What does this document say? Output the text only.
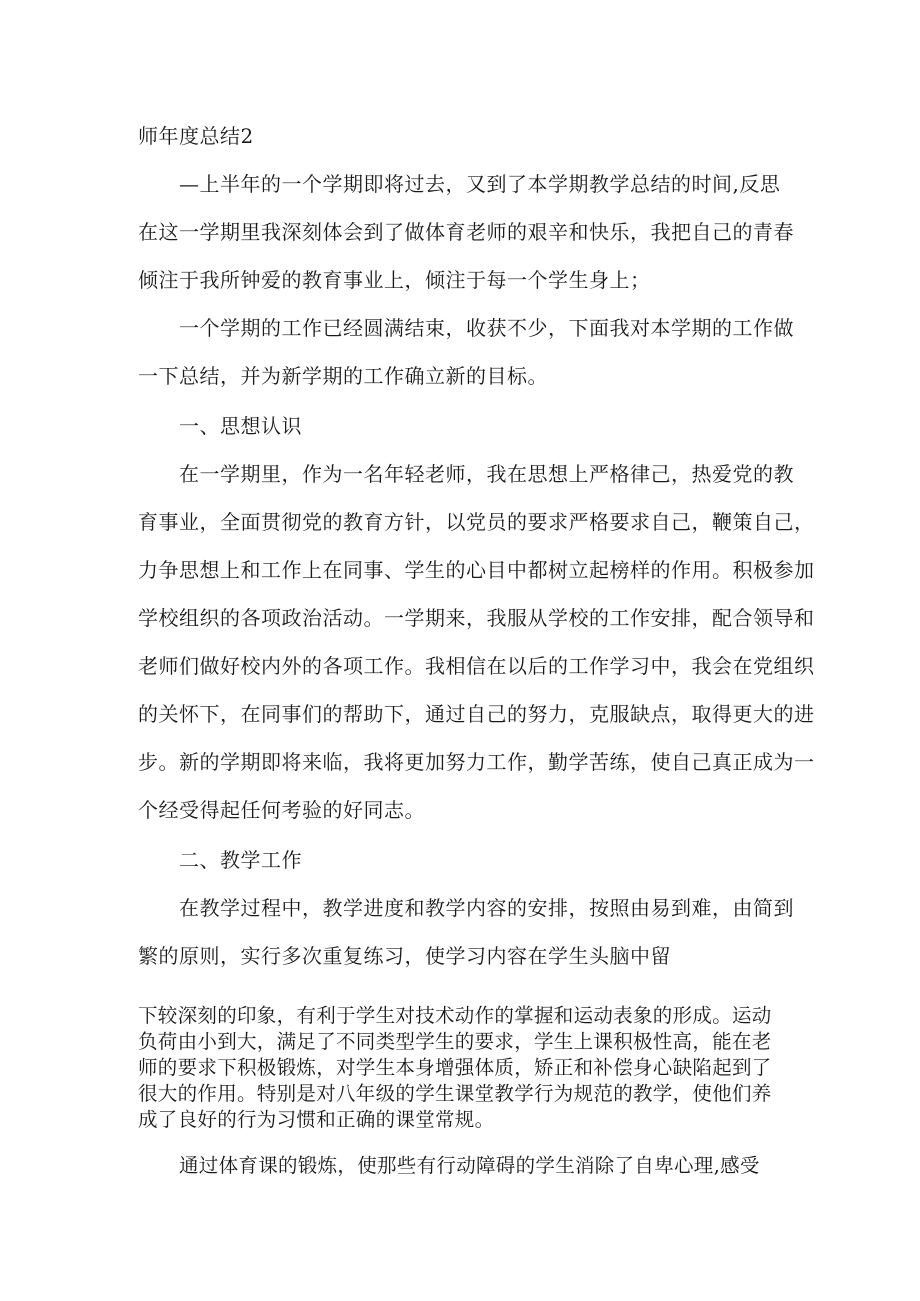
师年度总结2
—上半年的一个学期即将过去，又到了本学期教学总结的时间,反思
在这一学期里我深刻体会到了做体育老师的艰辛和快乐，我把自己的青春
倾注于我所钟爱的教育事业上，倾注于每一个学生身上；
一个学期的工作已经圆满结束，收获不少，下面我对本学期的工作做
一下总结，并为新学期的工作确立新的目标。
一、思想认识
在一学期里，作为一名年轻老师，我在思想上严格律己，热爱党的教
育事业，全面贯彻党的教育方针，以党员的要求严格要求自己，鞭策自己，
力争思想上和工作上在同事、学生的心目中都树立起榜样的作用。积极参加
学校组织的各项政治活动。一学期来，我服从学校的工作安排，配合领导和
老师们做好校内外的各项工作。我相信在以后的工作学习中，我会在党组织
的关怀下，在同事们的帮助下，通过自己的努力，克服缺点，取得更大的进
步。新的学期即将来临，我将更加努力工作，勤学苦练，使自己真正成为一
个经受得起任何考验的好同志。
二、教学工作
在教学过程中，教学进度和教学内容的安排，按照由易到难，由简到
繁的原则，实行多次重复练习，使学习内容在学生头脑中留
下较深刻的印象，有利于学生对技术动作的掌握和运动表象的形成。运动
负荷由小到大，满足了不同类型学生的要求，学生上课积极性高，能在老
师的要求下积极锻炼，对学生本身增强体质，矫正和补偿身心缺陷起到了
很大的作用。特别是对八年级的学生课堂教学行为规范的教学，使他们养
成了良好的行为习惯和正确的课堂常规。
通过体育课的锻炼，使那些有行动障碍的学生消除了自卑心理,感受
